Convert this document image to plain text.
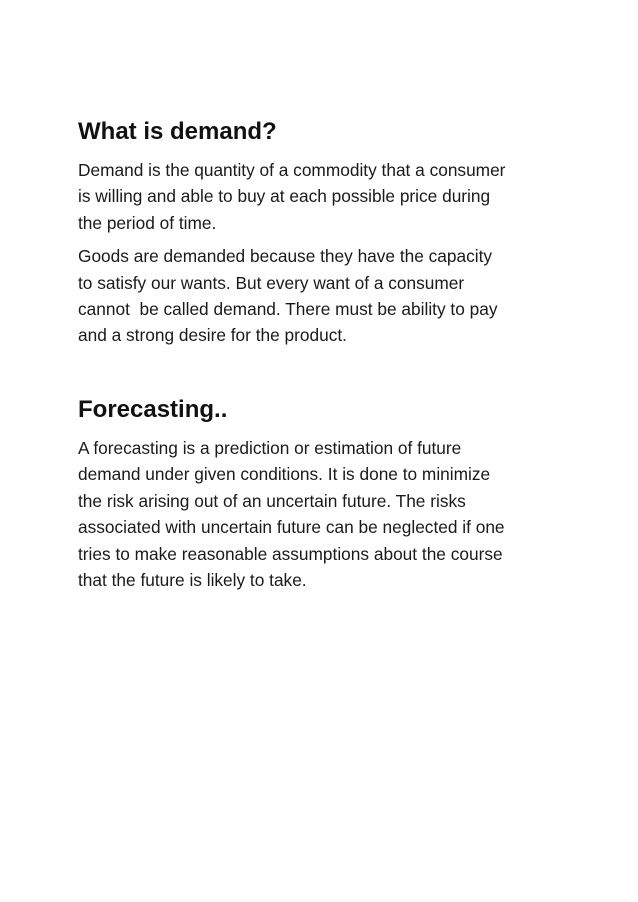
What is demand?

Demand is the quantity of a commodity that a consumer
is willing and able to buy at each possible price during
the period of time.

Goods are demanded because they have the capacity
to satisfy our wants. But every want of a consumer
cannot  be called demand. There must be ability to pay
and a strong desire for the product.

Forecasting..

A forecasting is a prediction or estimation of future
demand under given conditions. It is done to minimize
the risk arising out of an uncertain future. The risks
associated with uncertain future can be neglected if one
tries to make reasonable assumptions about the course
that the future is likely to take.
